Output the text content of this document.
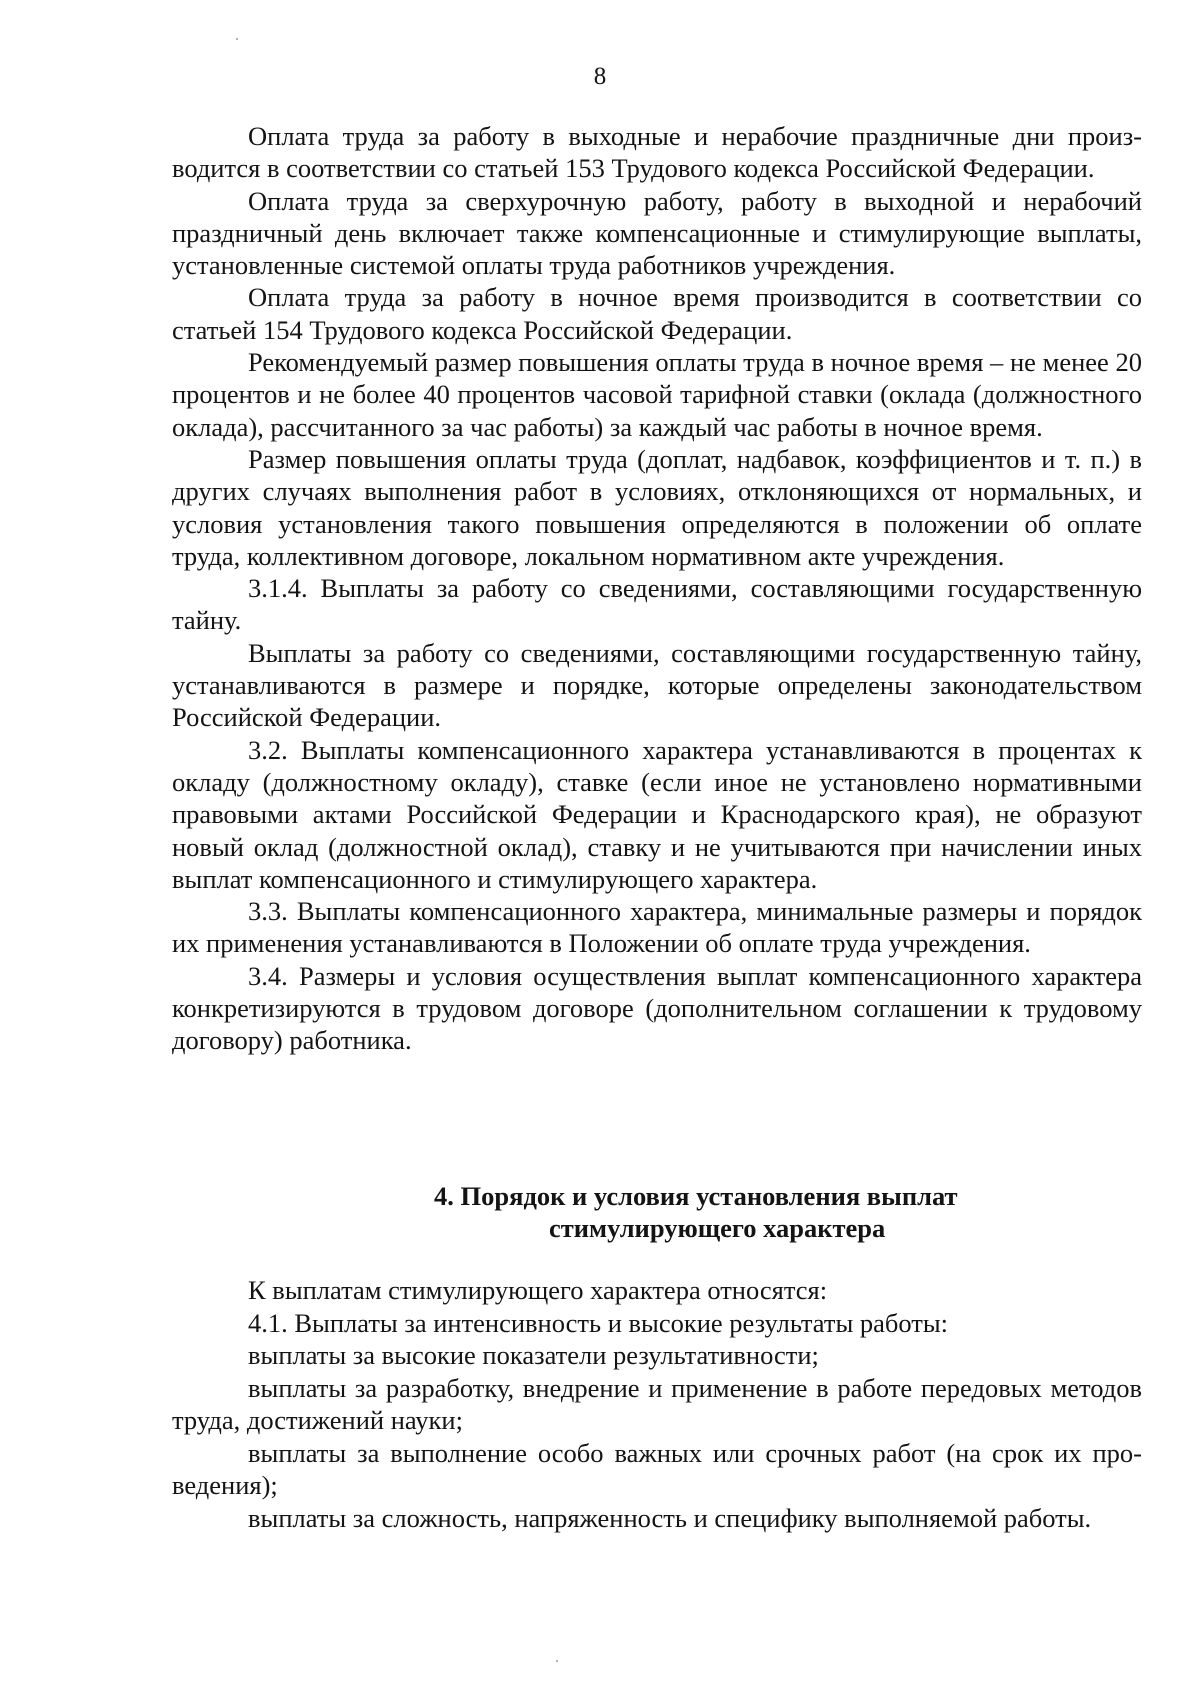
8

Оплата труда за работу в выходные и нерабочие праздничные дни производится в соответствии со статьей 153 Трудового кодекса Российской Федерации.

Оплата труда за сверхурочную работу, работу в выходной и нерабочий праздничный день включает также компенсационные и стимулирующие выплаты, установленные системой оплаты труда работников учреждения.

Оплата труда за работу в ночное время производится в соответствии со статьей 154 Трудового кодекса Российской Федерации.

Рекомендуемый размер повышения оплаты труда в ночное время – не менее 20 процентов и не более 40 процентов часовой тарифной ставки (оклада (должностного оклада), рассчитанного за час работы) за каждый час работы в ночное время.

Размер повышения оплаты труда (доплат, надбавок, коэффициентов и т. п.) в других случаях выполнения работ в условиях, отклоняющихся от нормальных, и условия установления такого повышения определяются в положении об оплате труда, коллективном договоре, локальном нормативном акте учреждения.

3.1.4. Выплаты за работу со сведениями, составляющими государственную тайну.

Выплаты за работу со сведениями, составляющими государственную тайну, устанавливаются в размере и порядке, которые определены законодательством Российской Федерации.

3.2. Выплаты компенсационного характера устанавливаются в процентах к окладу (должностному окладу), ставке (если иное не установлено нормативными правовыми актами Российской Федерации и Краснодарского края), не образуют новый оклад (должностной оклад), ставку и не учитываются при начислении иных выплат компенсационного и стимулирующего характера.

3.3. Выплаты компенсационного характера, минимальные размеры и порядок их применения устанавливаются в Положении об оплате труда учреждения.

3.4. Размеры и условия осуществления выплат компенсационного характера конкретизируются в трудовом договоре (дополнительном соглашении к трудовому договору) работника.

4. Порядок и условия установления выплат
стимулирующего характера

К выплатам стимулирующего характера относятся:

4.1. Выплаты за интенсивность и высокие результаты работы:

выплаты за высокие показатели результативности;

выплаты за разработку, внедрение и применение в работе передовых методов труда, достижений науки;

выплаты за выполнение особо важных или срочных работ (на срок их проведения);

выплаты за сложность, напряженность и специфику выполняемой работы.
